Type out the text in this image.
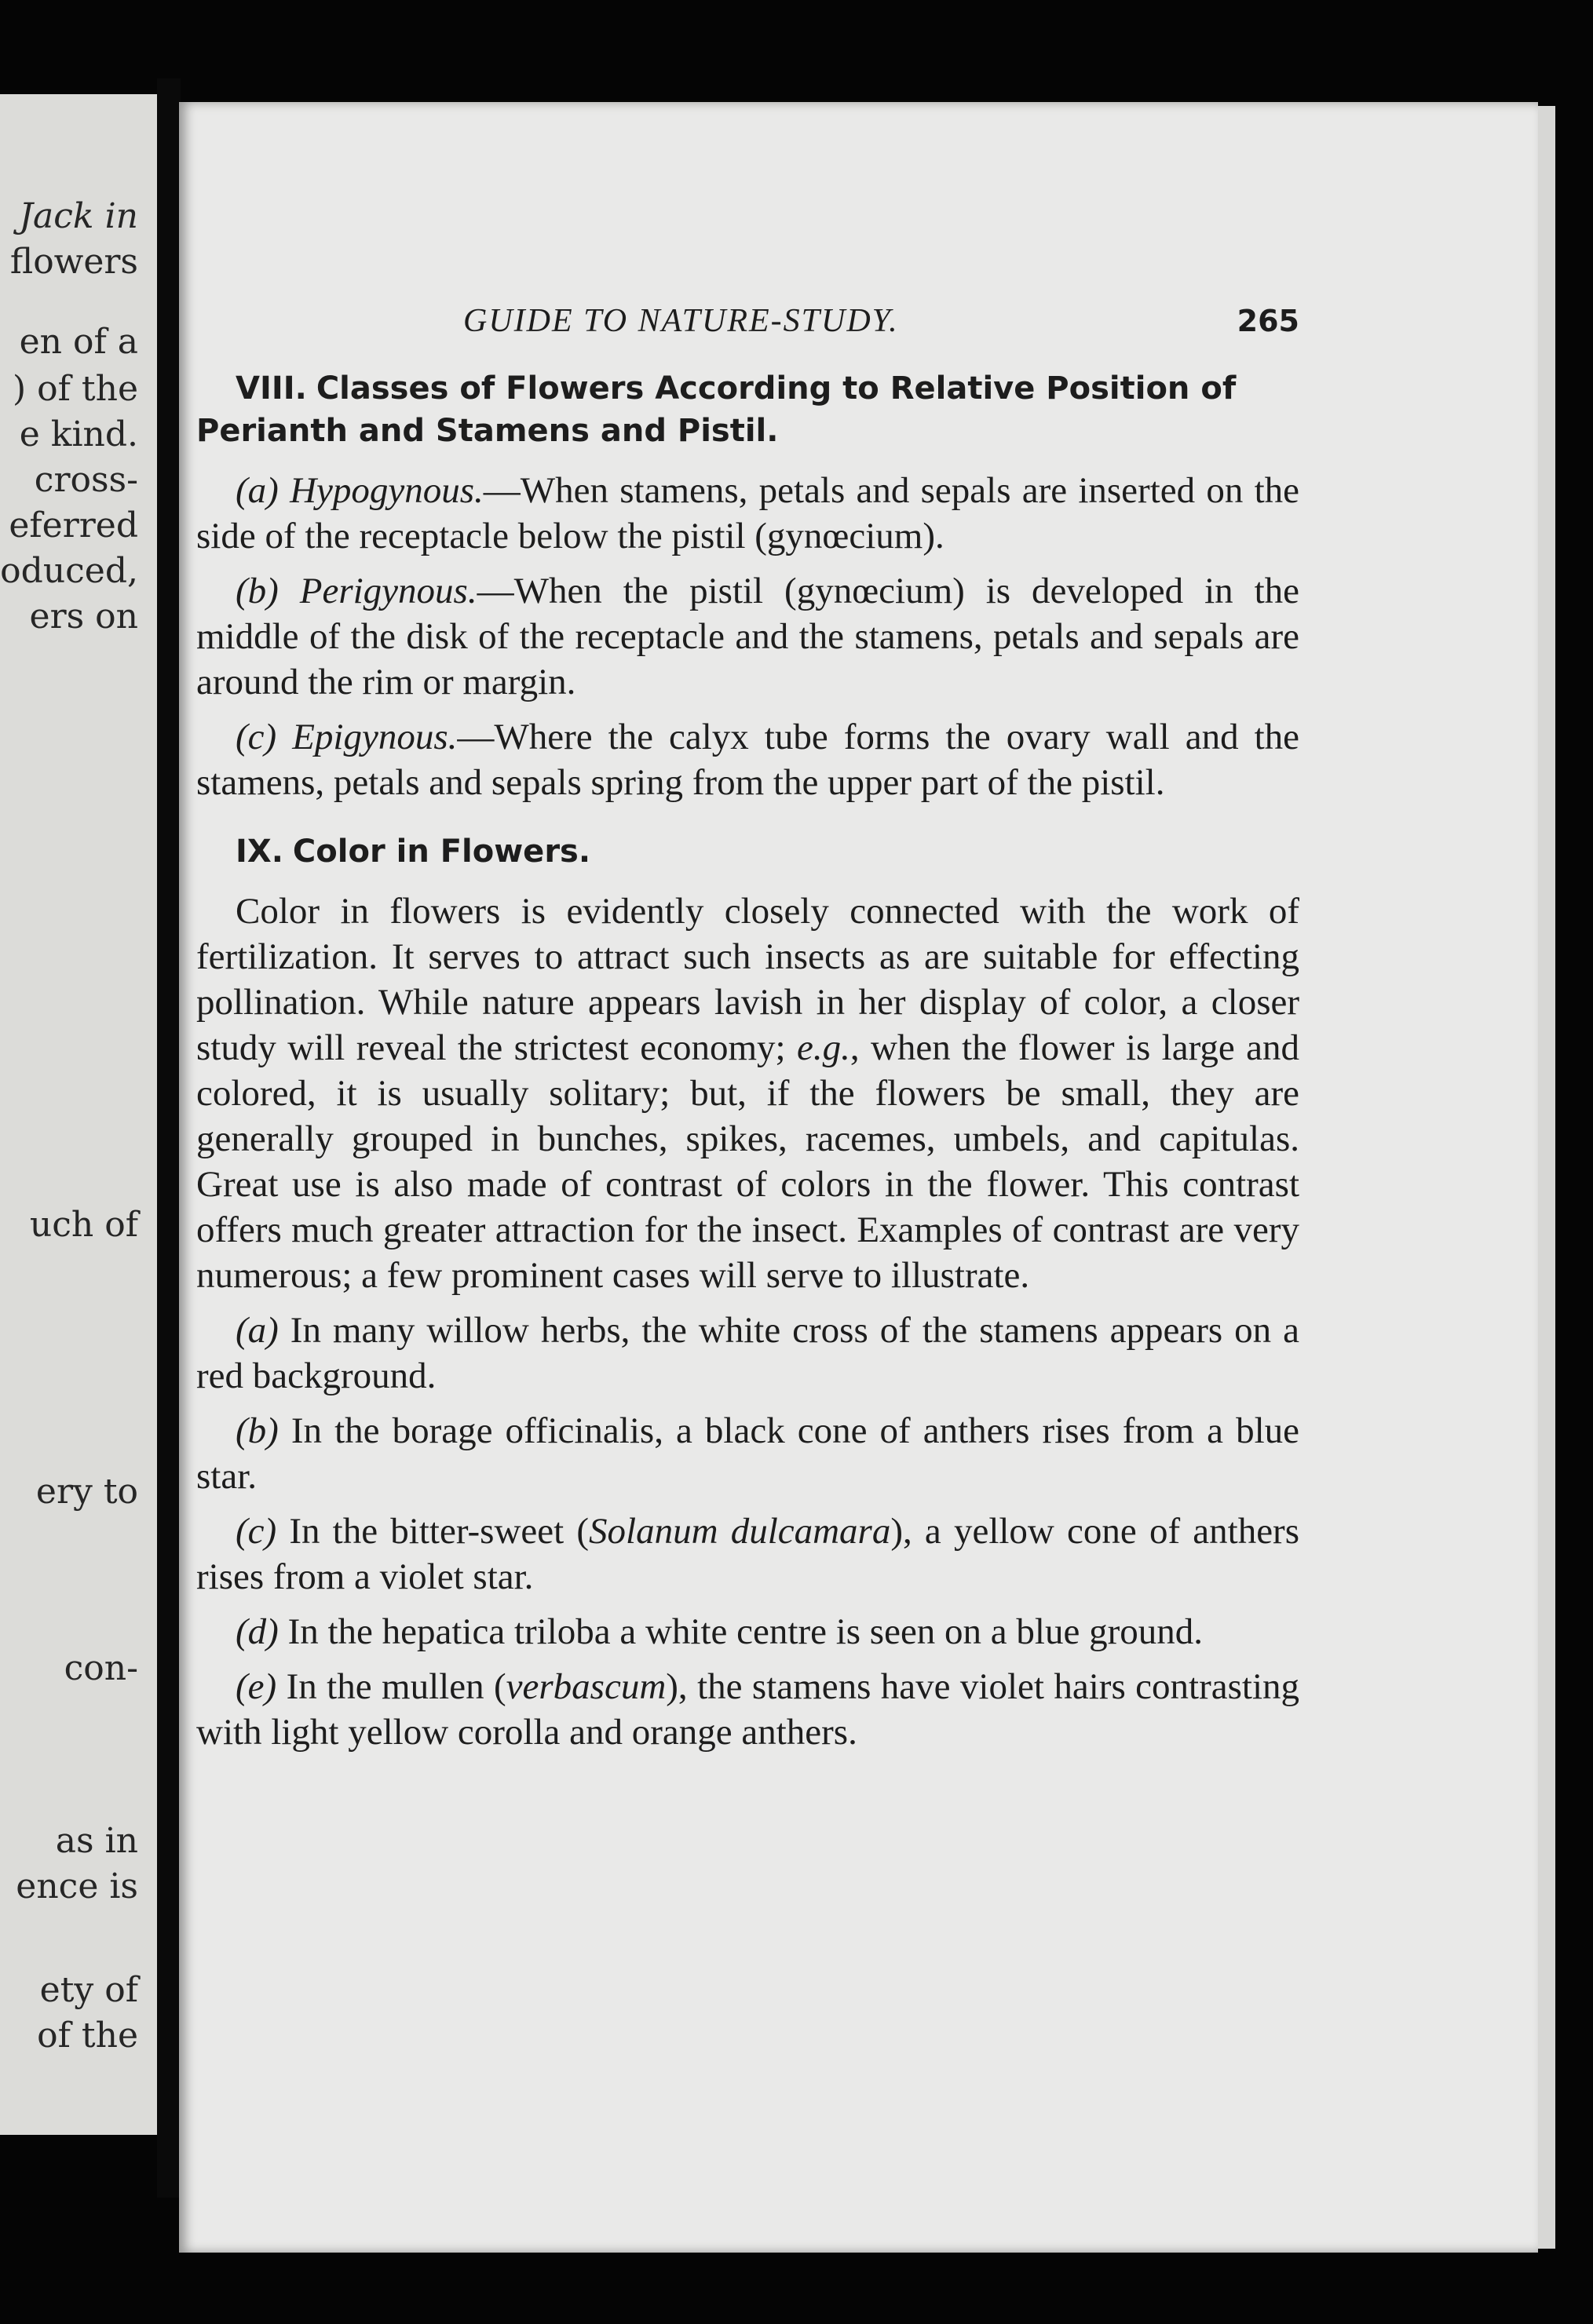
Jack in
flowers
en of a
) of the
e kind.
cross-
eferred
oduced,
ers on
uch of
ery to
con-
as in
ence is
ety of
of the
GUIDE TO NATURE-STUDY.	265

VIII. Classes of Flowers According to Relative Position of Perianth and Stamens and Pistil.

(a) Hypogynous.—When stamens, petals and sepals are inserted on the side of the receptacle below the pistil (gynœcium).

(b) Perigynous.—When the pistil (gynœcium) is developed in the middle of the disk of the receptacle and the stamens, petals and sepals are around the rim or margin.

(c) Epigynous.—Where the calyx tube forms the ovary wall and the stamens, petals and sepals spring from the upper part of the pistil.

IX. Color in Flowers.

Color in flowers is evidently closely connected with the work of fertilization. It serves to attract such insects as are suitable for effecting pollination. While nature appears lavish in her display of color, a closer study will reveal the strictest economy; e.g., when the flower is large and colored, it is usually solitary; but, if the flowers be small, they are generally grouped in bunches, spikes, racemes, umbels, and capitulas. Great use is also made of contrast of colors in the flower. This contrast offers much greater attraction for the insect. Examples of contrast are very numerous; a few prominent cases will serve to illustrate.

(a) In many willow herbs, the white cross of the stamens appears on a red background.

(b) In the borage officinalis, a black cone of anthers rises from a blue star.

(c) In the bitter-sweet (Solanum dulcamara), a yellow cone of anthers rises from a violet star.

(d) In the hepatica triloba a white centre is seen on a blue ground.

(e) In the mullen (verbascum), the stamens have violet hairs contrasting with light yellow corolla and orange anthers.
